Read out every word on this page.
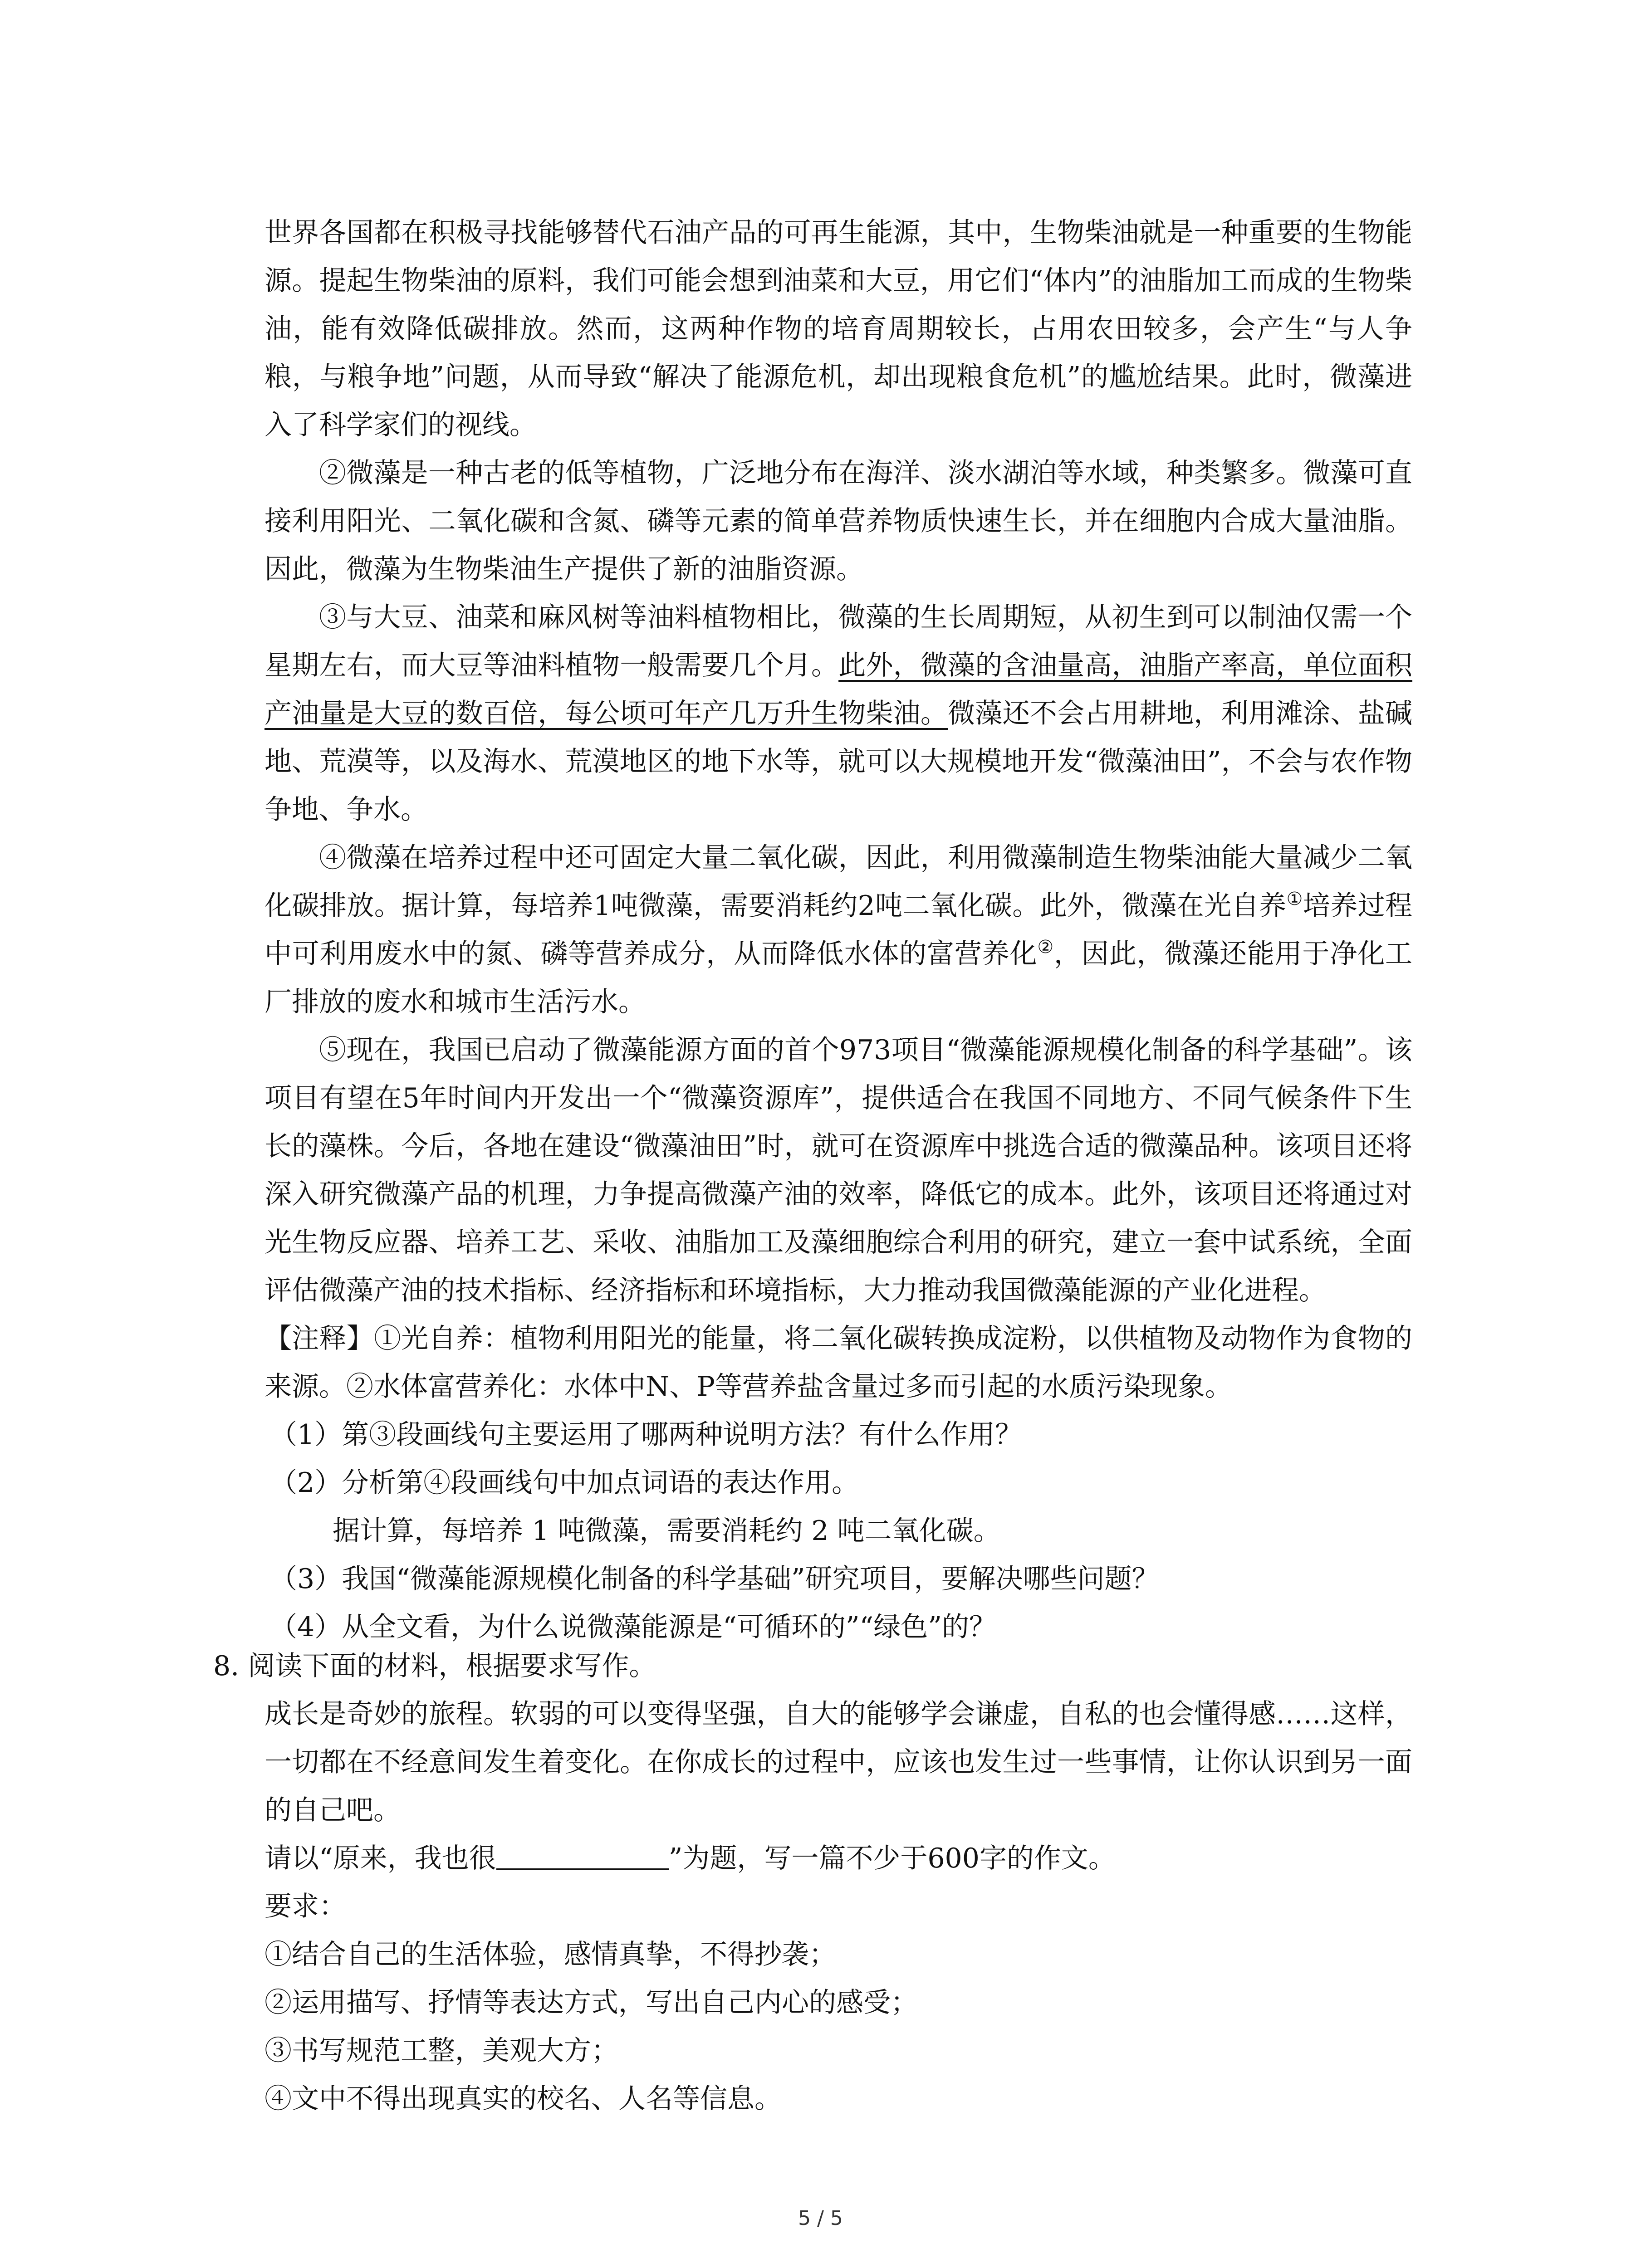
世界各国都在积极寻找能够替代石油产品的可再生能源，其中，生物柴油就是一种重要的生物能源。提起生物柴油的原料，我们可能会想到油菜和大豆，用它们“体内”的油脂加工而成的生物柴油，能有效降低碳排放。然而，这两种作物的培育周期较长，占用农田较多，会产生“与人争粮，与粮争地”问题，从而导致“解决了能源危机，却出现粮食危机”的尴尬结果。此时，微藻进入了科学家们的视线。

②微藻是一种古老的低等植物，广泛地分布在海洋、淡水湖泊等水域，种类繁多。微藻可直接利用阳光、二氧化碳和含氮、磷等元素的简单营养物质快速生长，并在细胞内合成大量油脂。因此，微藻为生物柴油生产提供了新的油脂资源。

③与大豆、油菜和麻风树等油料植物相比，微藻的生长周期短，从初生到可以制油仅需一个星期左右，而大豆等油料植物一般需要几个月。此外，微藻的含油量高，油脂产率高，单位面积产油量是大豆的数百倍，每公顷可年产几万升生物柴油。微藻还不会占用耕地，利用滩涂、盐碱地、荒漠等，以及海水、荒漠地区的地下水等，就可以大规模地开发“微藻油田”，不会与农作物争地、争水。

④微藻在培养过程中还可固定大量二氧化碳，因此，利用微藻制造生物柴油能大量减少二氧化碳排放。据计算，每培养1吨微藻，需要消耗约2吨二氧化碳。此外，微藻在光自养①培养过程中可利用废水中的氮、磷等营养成分，从而降低水体的富营养化②，因此，微藻还能用于净化工厂排放的废水和城市生活污水。

⑤现在，我国已启动了微藻能源方面的首个973项目“微藻能源规模化制备的科学基础”。该项目有望在5年时间内开发出一个“微藻资源库”，提供适合在我国不同地方、不同气候条件下生长的藻株。今后，各地在建设“微藻油田”时，就可在资源库中挑选合适的微藻品种。该项目还将深入研究微藻产品的机理，力争提高微藻产油的效率，降低它的成本。此外，该项目还将通过对光生物反应器、培养工艺、采收、油脂加工及藻细胞综合利用的研究，建立一套中试系统，全面评估微藻产油的技术指标、经济指标和环境指标，大力推动我国微藻能源的产业化进程。

【注释】①光自养：植物利用阳光的能量，将二氧化碳转换成淀粉，以供植物及动物作为食物的来源。②水体富营养化：水体中N、P等营养盐含量过多而引起的水质污染现象。

（1）第③段画线句主要运用了哪两种说明方法？有什么作用？

（2）分析第④段画线句中加点词语的表达作用。

据计算，每培养 1 吨微藻，需要消耗约 2 吨二氧化碳。

（3）我国“微藻能源规模化制备的科学基础”研究项目，要解决哪些问题？

（4）从全文看，为什么说微藻能源是“可循环的”“绿色”的？

8. 阅读下面的材料，根据要求写作。

成长是奇妙的旅程。软弱的可以变得坚强，自大的能够学会谦虚，自私的也会懂得感……这样，一切都在不经意间发生着变化。在你成长的过程中，应该也发生过一些事情，让你认识到另一面的自己吧。

请以“原来，我也很	”为题，写一篇不少于600字的作文。

要求：

①结合自己的生活体验，感情真挚，不得抄袭；

②运用描写、抒情等表达方式，写出自己内心的感受；

③书写规范工整，美观大方；

④文中不得出现真实的校名、人名等信息。

5 / 5
